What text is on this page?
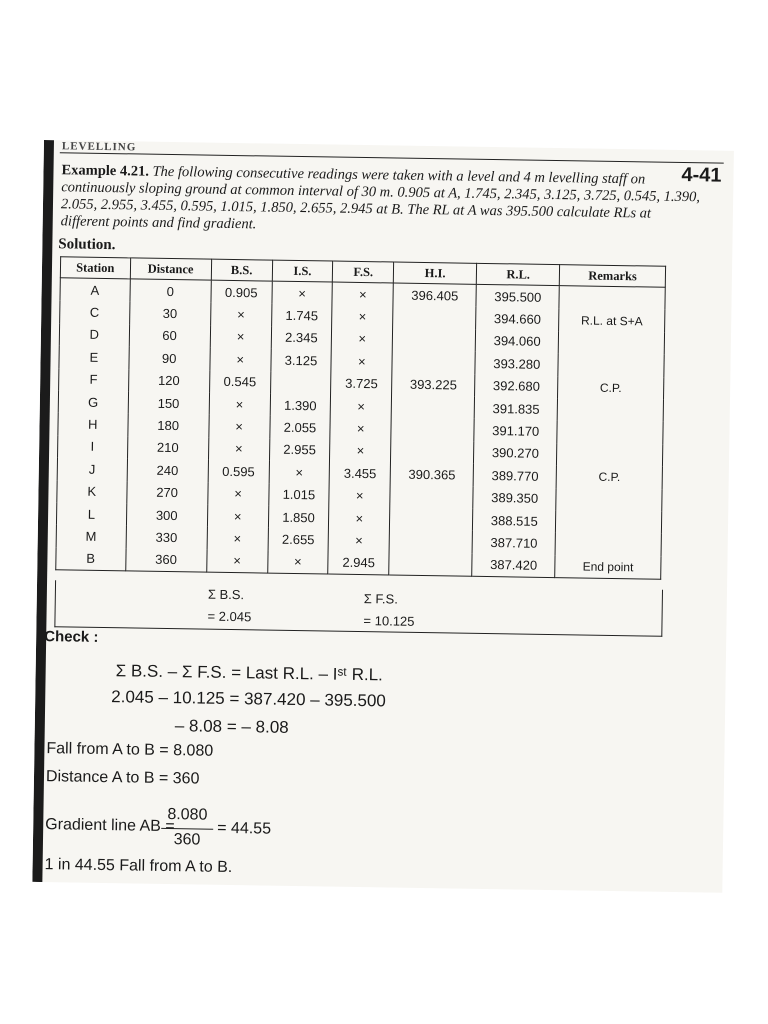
LEVELLING
4-41
Example 4.21. The following consecutive readings were taken with a level and 4 m levelling staff on continuously sloping ground at common interval of 30 m. 0.905 at A, 1.745, 2.345, 3.125, 3.725, 0.545, 1.390, 2.055, 2.955, 3.455, 0.595, 1.015, 1.850, 2.655, 2.945 at B. The RL at A was 395.500 calculate RLs at different points and find gradient.
Solution.
Station	Distance	B.S.	I.S.	F.S.	H.I.	R.L.	Remarks
A	0	0.905	×	×	396.405	395.500	
C	30	×	1.745	×		394.660	R.L. at S+A
D	60	×	2.345	×		394.060	
E	90	×	3.125	×		393.280	
F	120	0.545		3.725	393.225	392.680	C.P.
G	150	×	1.390	×		391.835	
H	180	×	2.055	×		391.170	
I	210	×	2.955	×		390.270	
J	240	0.595	×	3.455	390.365	389.770	C.P.
K	270	×	1.015	×		389.350	
L	300	×	1.850	×		388.515	
M	330	×	2.655	×		387.710	
B	360	×	×	2.945		387.420	End point
Σ B.S.
= 2.045
Σ F.S.
= 10.125
Check :
Σ B.S. – Σ F.S. = Last R.L. – Iˢᵗ R.L.
2.045 – 10.125 = 387.420 – 395.500
– 8.08 = – 8.08
Fall from A to B = 8.080
Distance A to B = 360
Gradient line AB =
8.080
360
= 44.55
1 in 44.55 Fall from A to B.
